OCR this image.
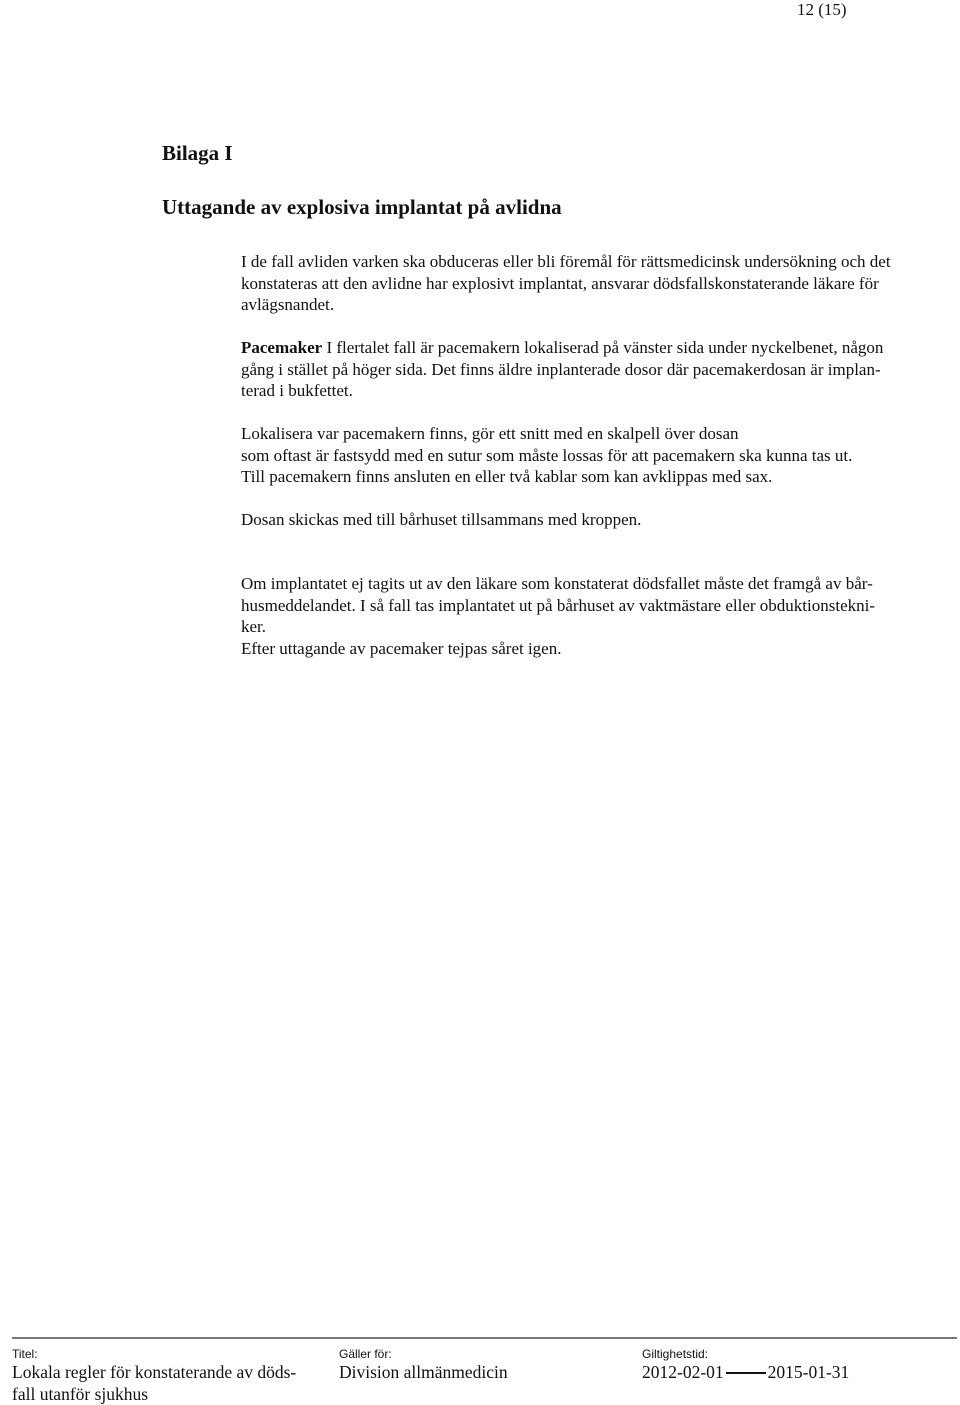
12 (15)
Bilaga I
Uttagande av explosiva implantat på avlidna

I de fall avliden varken ska obduceras eller bli föremål för rättsmedicinsk undersökning och det

konstateras att den avlidne har explosivt implantat, ansvarar dödsfallskonstaterande läkare för

avlägsnandet.

Pacemaker I flertalet fall är pacemakern lokaliserad på vänster sida under nyckelbenet, någon

gång i stället på höger sida. Det finns äldre inplanterade dosor där pacemakerdosan är implan-

terad i bukfettet.

Lokalisera var pacemakern finns, gör ett snitt med en skalpell över dosan

som oftast är fastsydd med en sutur som måste lossas för att pacemakern ska kunna tas ut.

Till pacemakern finns ansluten en eller två kablar som kan avklippas med sax.

Dosan skickas med till bårhuset tillsammans med kroppen.

Om implantatet ej tagits ut av den läkare som konstaterat dödsfallet måste det framgå av bår-

husmeddelandet. I så fall tas implantatet ut på bårhuset av vaktmästare eller obduktionstekni-

ker.

Efter uttagande av pacemaker tejpas såret igen.

Titel:
Lokala regler för konstaterande av döds-
fall utanför sjukhus
Gäller för:
Division allmänmedicin
Giltighetstid:
2012-02-01	2015-01-31
